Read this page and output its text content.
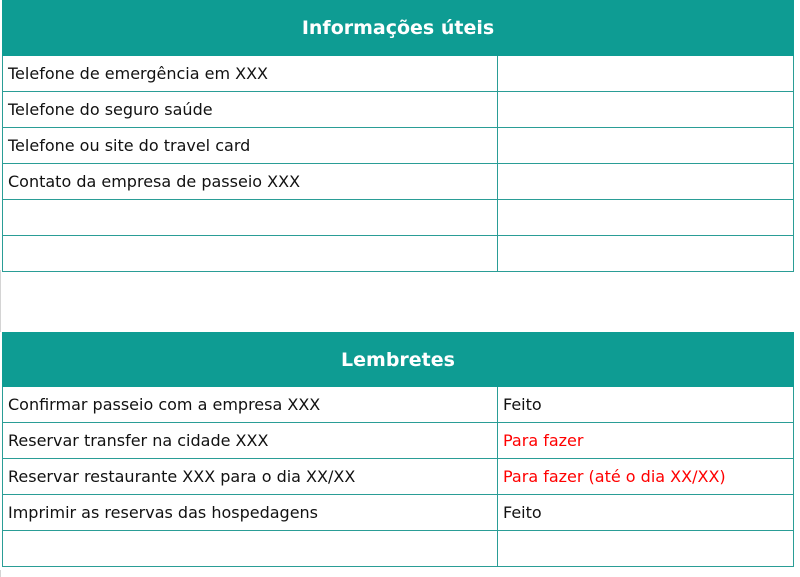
Informações úteis	
Telefone de emergência em XXX	
Telefone do seguro saúde	
Telefone ou site do travel card	
Contato da empresa de passeio XXX	

Lembretes	
Confirmar passeio com a empresa XXX	Feito
Reservar transfer na cidade XXX	Para fazer
Reservar restaurante XXX para o dia XX/XX	Para fazer (até o dia XX/XX)
Imprimir as reservas das hospedagens	Feito
